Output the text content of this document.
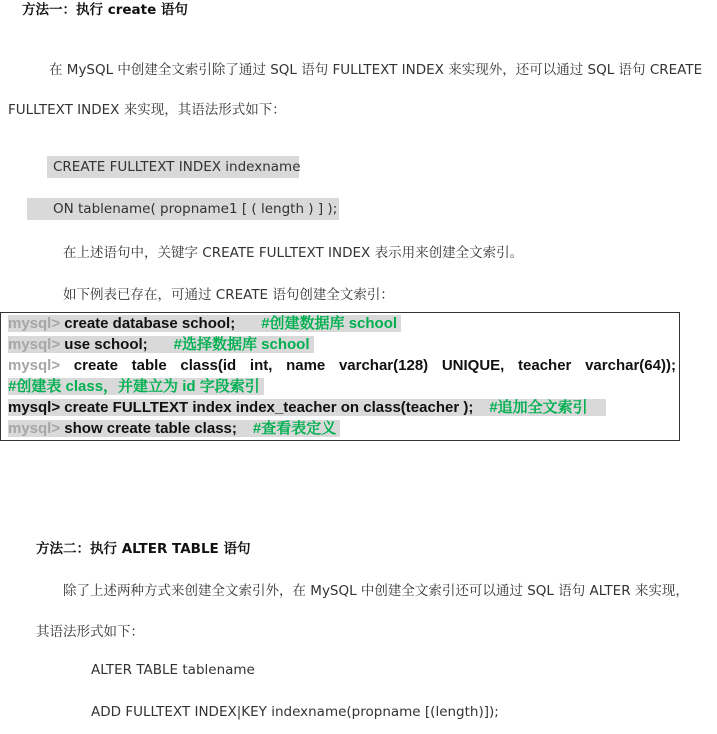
方法一：执行 create 语句
在 MySQL 中创建全文索引除了通过 SQL 语句 FULLTEXT INDEX 来实现外，还可以通过 SQL 语句 CREATE
FULLTEXT INDEX 来实现，其语法形式如下：
CREATE FULLTEXT INDEX indexname
ON tablename( propname1 [ ( length ) ] );
在上述语句中，关键字 CREATE FULLTEXT INDEX 表示用来创建全文索引。
如下例表已存在，可通过 CREATE 语句创建全文索引：
mysql> create database school; #创建数据库 school
mysql> use school; #选择数据库 school
mysql> create table class(id int, name varchar(128) UNIQUE, teacher varchar(64));
#创建表 class，并建立为 id 字段索引
mysql> create FULLTEXT index index_teacher on class(teacher ); #追加全文索引
mysql> show create table class; #查看表定义
方法二：执行 ALTER TABLE 语句
除了上述两种方式来创建全文索引外，在 MySQL 中创建全文索引还可以通过 SQL 语句 ALTER 来实现，
其语法形式如下：
ALTER TABLE tablename
ADD FULLTEXT INDEX|KEY indexname(propname [(length)]);
